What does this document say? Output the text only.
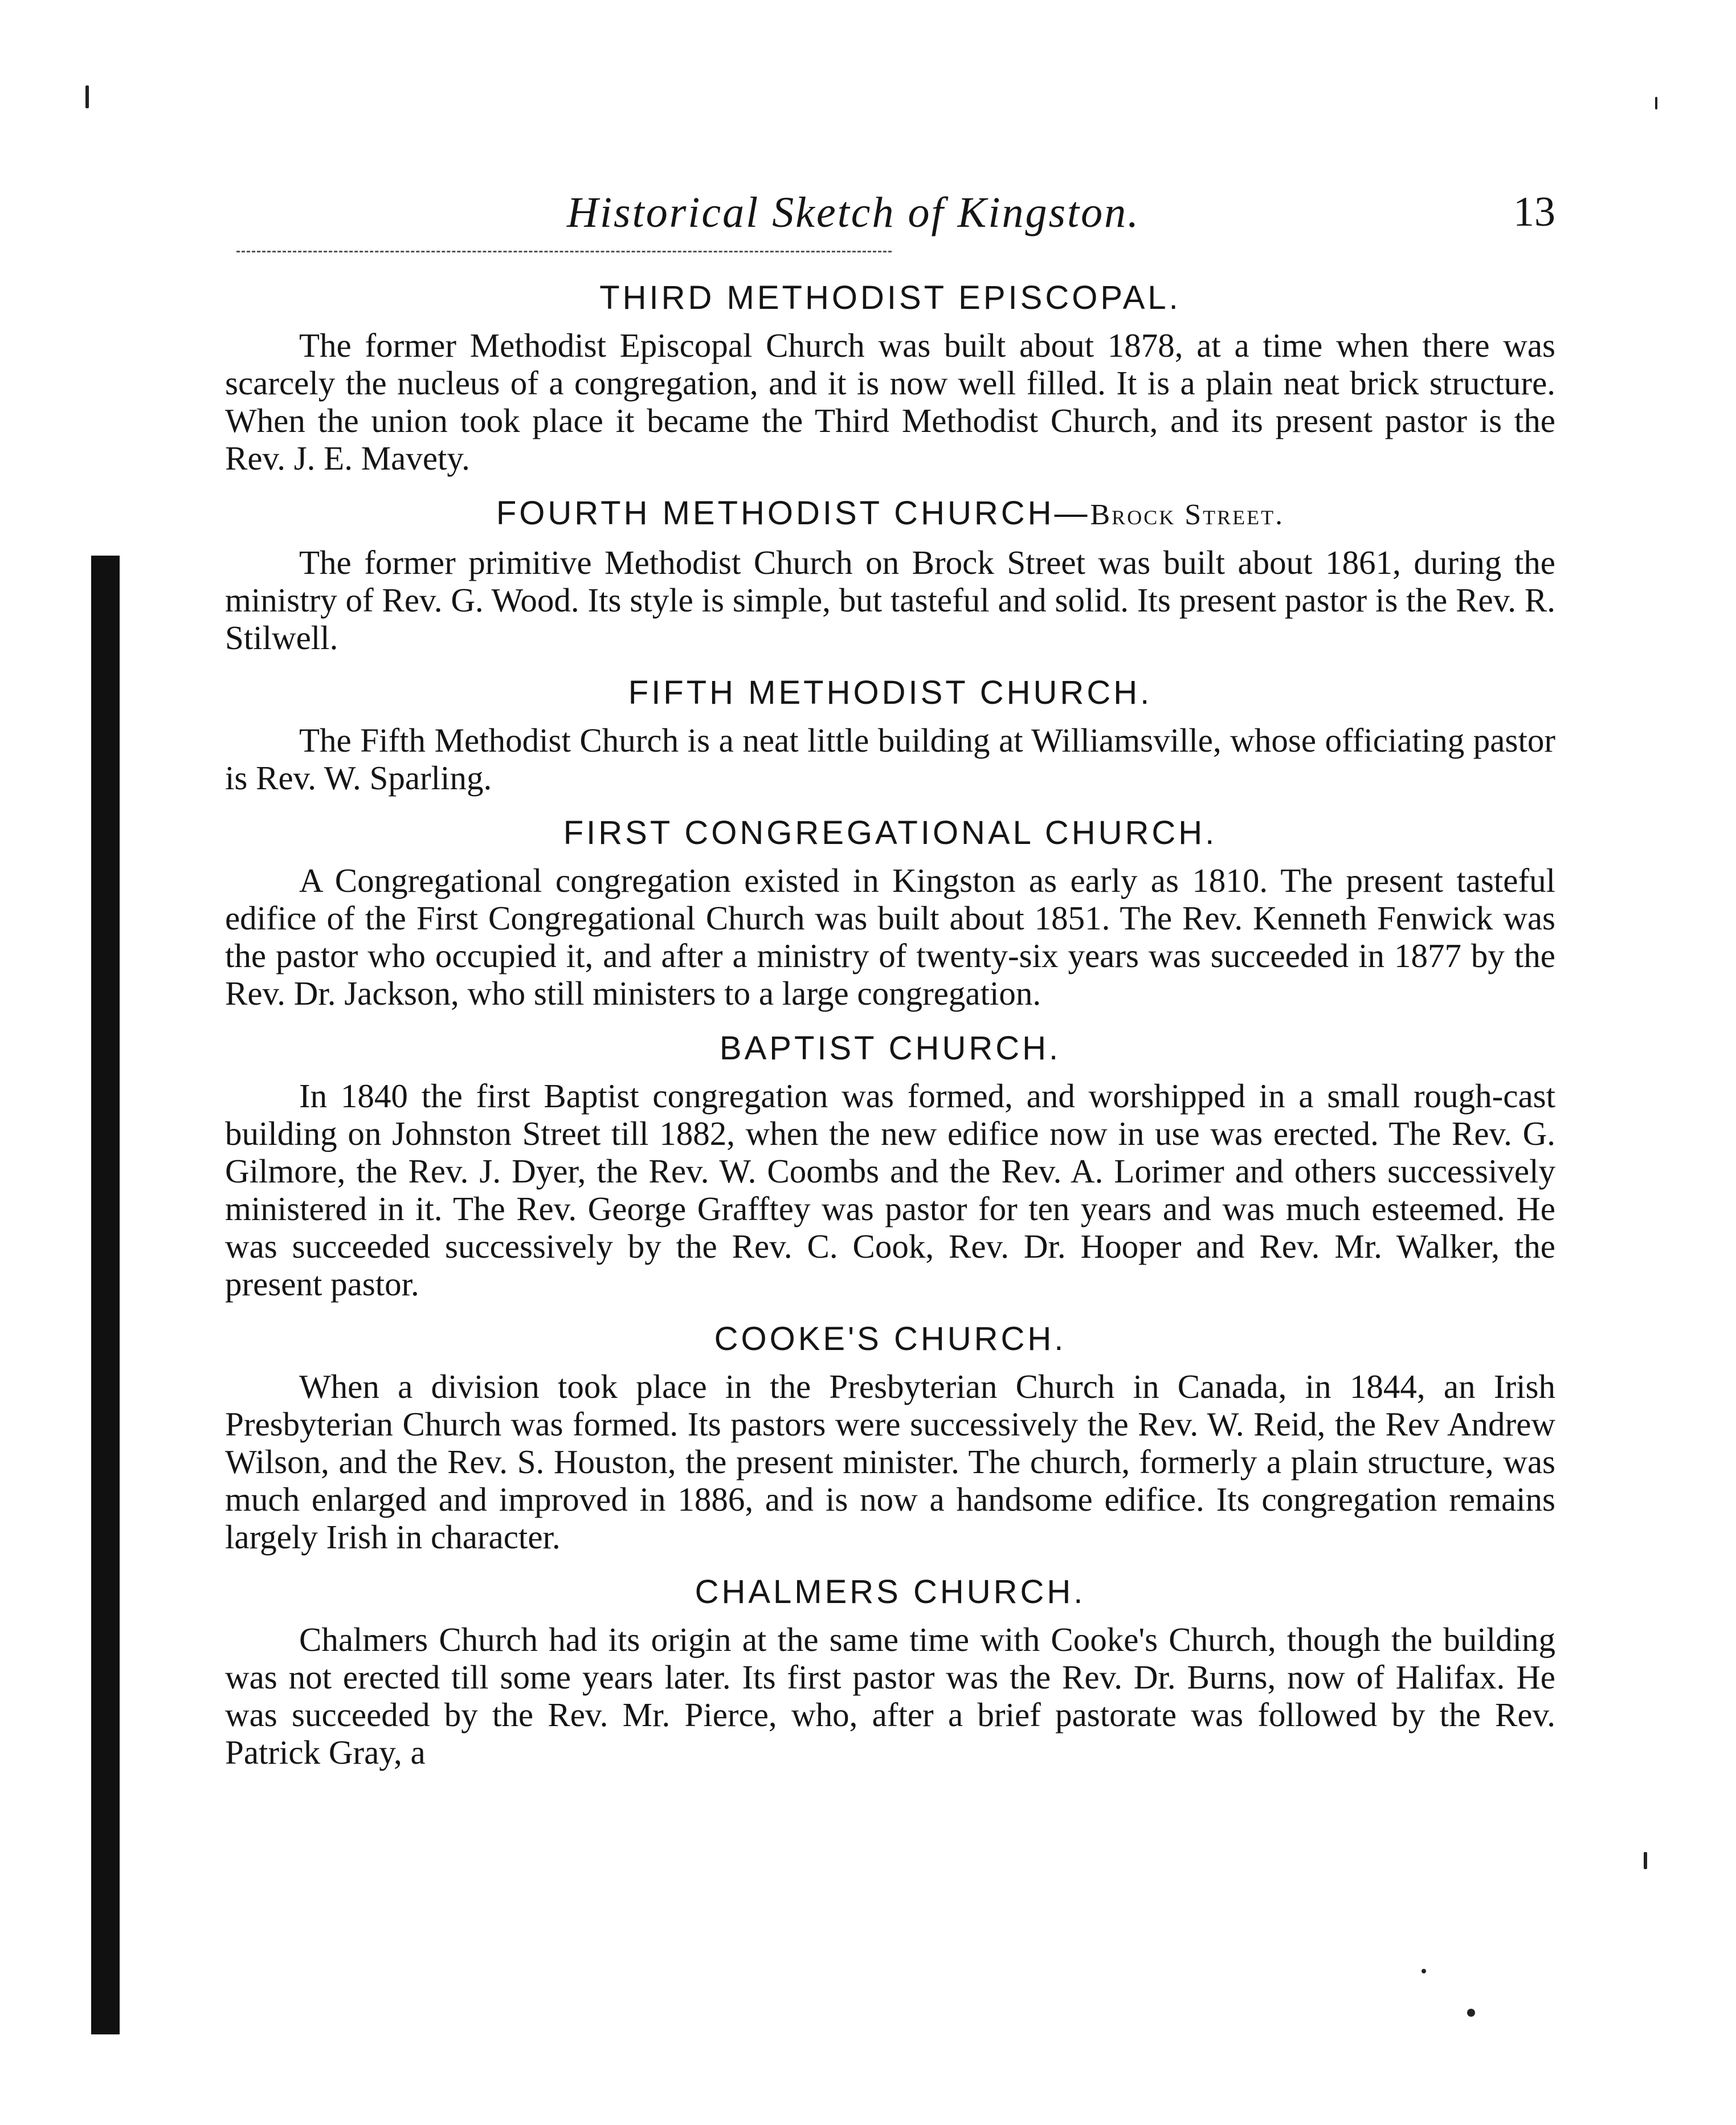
Historical Sketch of Kingston.	13
THIRD METHODIST EPISCOPAL.

The former Methodist Episcopal Church was built about 1878, at a time when there was scarcely the nucleus of a congregation, and it is now well filled. It is a plain neat brick structure. When the union took place it became the Third Methodist Church, and its present pastor is the Rev. J. E. Mavety.

FOURTH METHODIST CHURCH—Brock Street.

The former primitive Methodist Church on Brock Street was built about 1861, during the ministry of Rev. G. Wood. Its style is simple, but tasteful and solid. Its present pastor is the Rev. R. Stilwell.

FIFTH METHODIST CHURCH.

The Fifth Methodist Church is a neat little building at Williamsville, whose officiating pastor is Rev. W. Sparling.

FIRST CONGREGATIONAL CHURCH.

A Congregational congregation existed in Kingston as early as 1810. The present tasteful edifice of the First Congregational Church was built about 1851. The Rev. Kenneth Fenwick was the pastor who occupied it, and after a ministry of twenty-six years was succeeded in 1877 by the Rev. Dr. Jackson, who still ministers to a large congregation.

BAPTIST CHURCH.

In 1840 the first Baptist congregation was formed, and worshipped in a small rough-cast building on Johnston Street till 1882, when the new edifice now in use was erected. The Rev. G. Gilmore, the Rev. J. Dyer, the Rev. W. Coombs and the Rev. A. Lorimer and others successively ministered in it. The Rev. George Grafftey was pastor for ten years and was much esteemed. He was succeeded successively by the Rev. C. Cook, Rev. Dr. Hooper and Rev. Mr. Walker, the present pastor.

COOKE'S CHURCH.

When a division took place in the Presbyterian Church in Canada, in 1844, an Irish Presbyterian Church was formed. Its pastors were successively the Rev. W. Reid, the Rev Andrew Wilson, and the Rev. S. Houston, the present minister. The church, formerly a plain structure, was much enlarged and improved in 1886, and is now a handsome edifice. Its congregation remains largely Irish in character.

CHALMERS CHURCH.

Chalmers Church had its origin at the same time with Cooke's Church, though the building was not erected till some years later. Its first pastor was the Rev. Dr. Burns, now of Halifax. He was succeeded by the Rev. Mr. Pierce, who, after a brief pastorate was followed by the Rev. Patrick Gray, a
